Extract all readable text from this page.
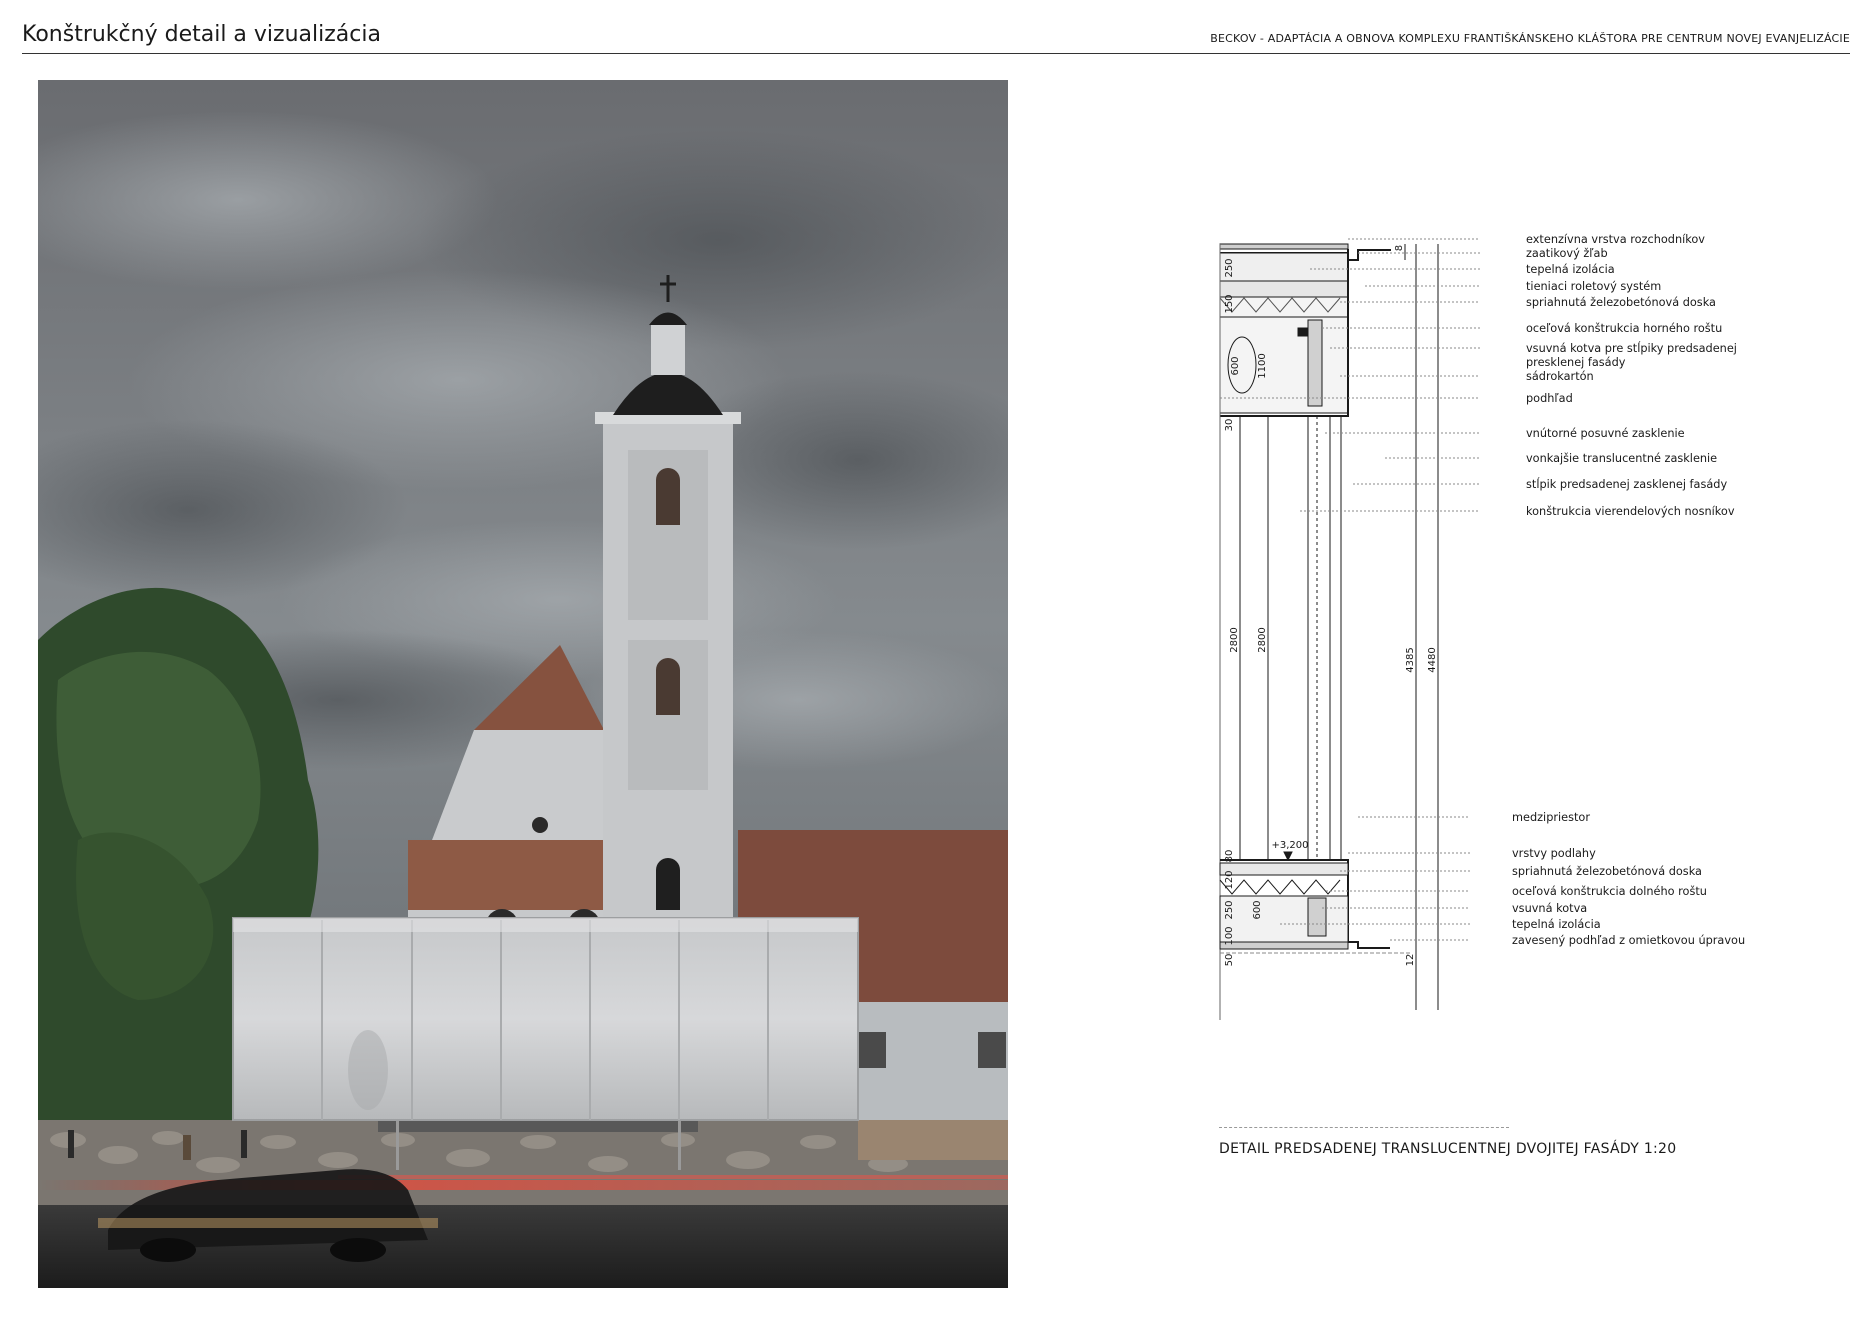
Konštrukčný detail a vizualizácia	BECKOV - ADAPTÁCIA A OBNOVA KOMPLEXU FRANTIŠKÁNSKEHO KLÁŠTORA PRE CENTRUM NOVEJ EVANJELIZÁCIE
250
150
600 1100
30
2800 2800
80
120
250 600
100
50
8
4385 4480
12
+3,200
extenzívna vrstva rozchodníkov
zaatikový žľab
tepelná izolácia
tieniaci roletový systém
spriahnutá železobetónová doska
oceľová konštrukcia horného roštu
vsuvná kotva pre stĺpiky predsadenej
presklenej fasády
sádrokartón
podhľad
vnútorné posuvné zasklenie
vonkajšie translucentné zasklenie
stĺpik predsadenej zasklenej fasády
konštrukcia vierendelových nosníkov
medzipriestor
vrstvy podlahy
spriahnutá železobetónová doska
oceľová konštrukcia dolného roštu
vsuvná kotva
tepelná izolácia
zavesený podhľad z omietkovou úpravou
DETAIL PREDSADENEJ TRANSLUCENTNEJ DVOJITEJ FASÁDY 1:20
